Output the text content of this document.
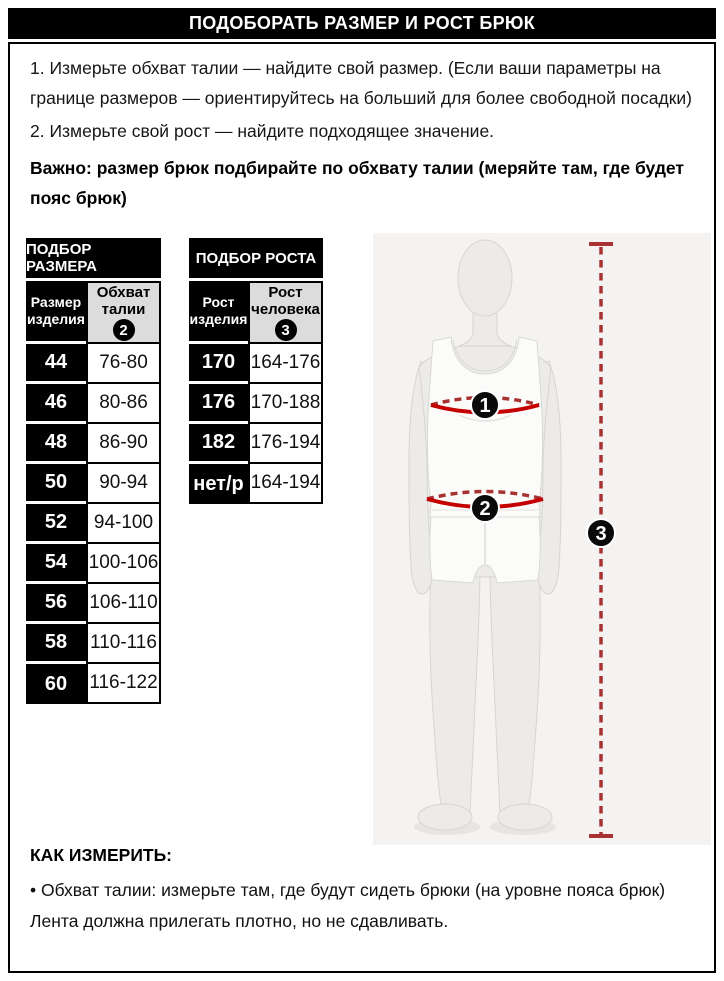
ПОДОБОРАТЬ РАЗМЕР И РОСТ БРЮК

1. Измерьте обхват талии — найдите свой размер. (Если ваши параметры на границе размеров — ориентируйтесь на больший для более свободной посадки)

2. Измерьте свой рост — найдите подходящее значение.

Важно: размер брюк подбирайте по обхвату талии (меряйте там, где будет пояс брюк)

ПОДБОР РАЗМЕРА
Размер изделия
Обхват талии
2
44	76-80
46	80-86
48	86-90
50	90-94
52	94-100
54	100-106
56	106-110
58	110-116
60	116-122
ПОДБОР РОСТА
Рост изделия
Рост человека
3
170 164-176
176 170-188
182 176-194
нет/р 164-194
1
2
3

КАК ИЗМЕРИТЬ:

• Обхват талии: измерьте там, где будут сидеть брюки (на уровне пояса брюк)

Лента должна прилегать плотно, но не сдавливать.
